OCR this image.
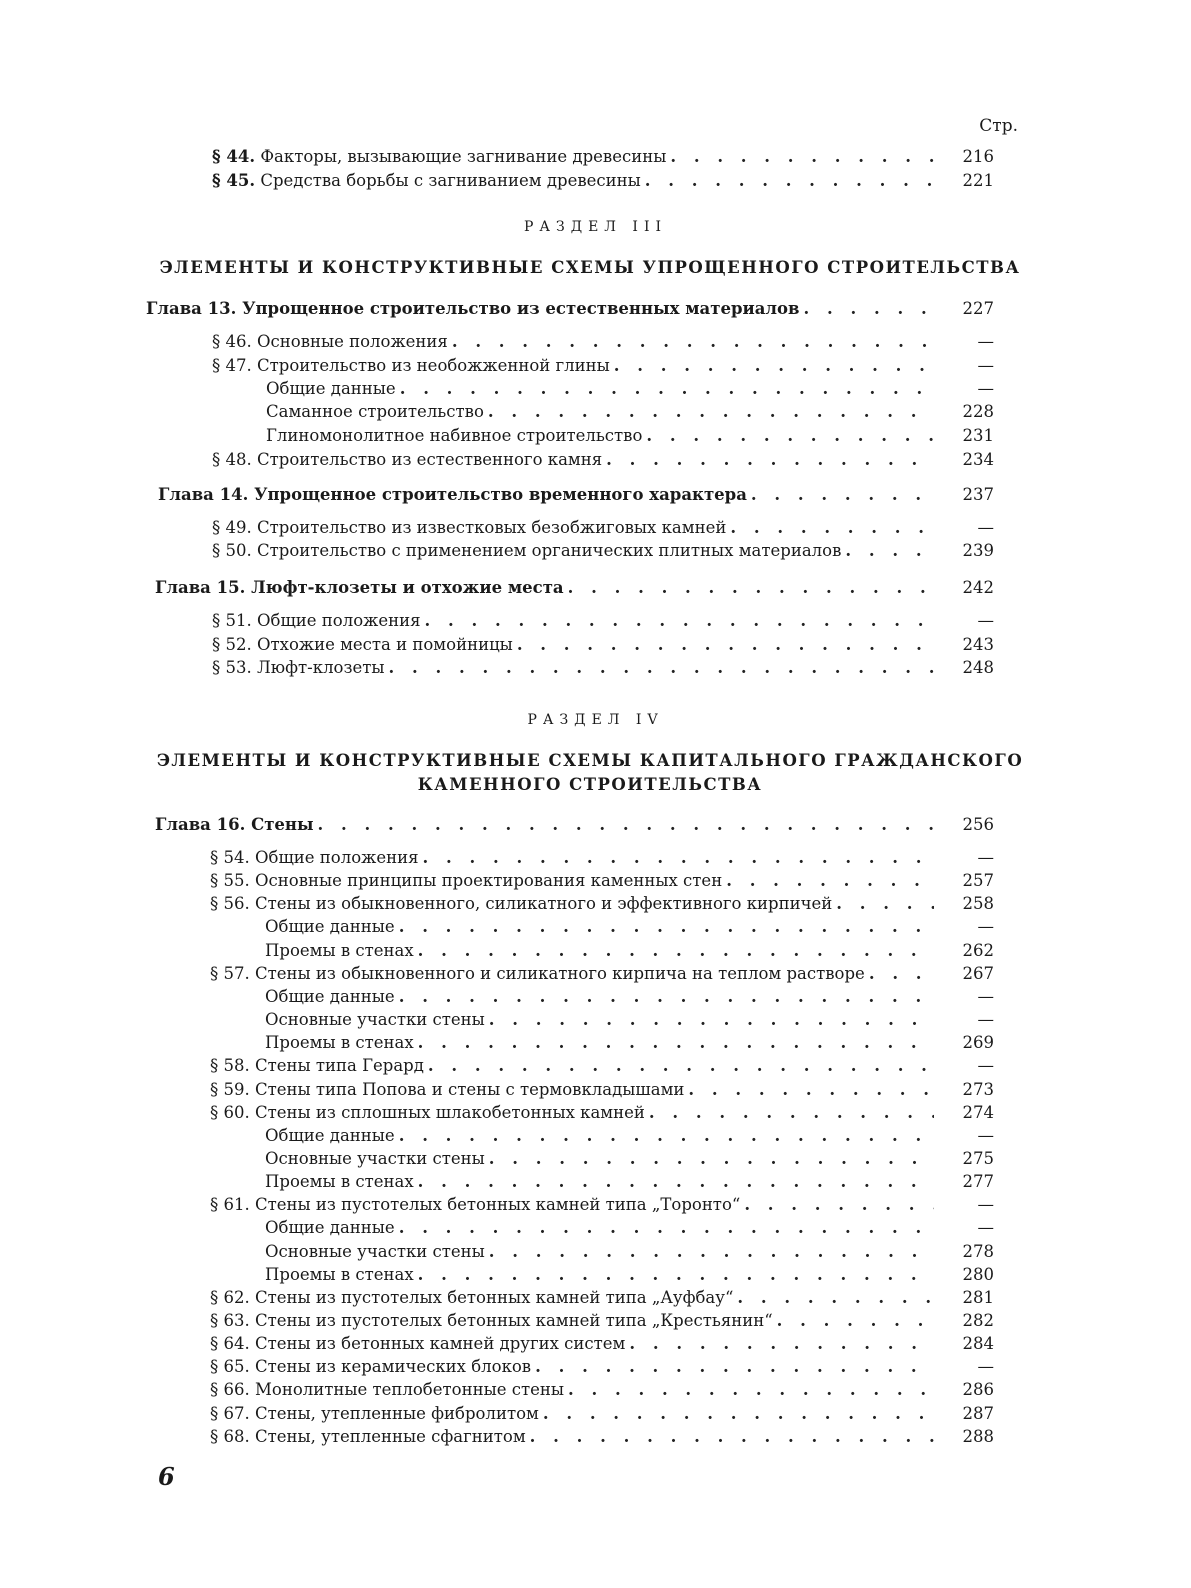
Стр.
§ 44. Факторы, вызывающие загнивание древесины . . .	216
§ 45. Средства борьбы с загниванием древесины . . .	221
РАЗДЕЛ III
ЭЛЕМЕНТЫ И КОНСТРУКТИВНЫЕ СХЕМЫ УПРОЩЕННОГО СТРОИТЕЛЬСТВА
Глава 13. Упрощенное строительство из естественных материалов . . .	227
§ 46. Основные положения . . .	—
§ 47. Строительство из необожженной глины . . .	—
Общие данные . . .	—
Саманное строительство . . .	228
Глиномонолитное набивное строительство . . .	231
§ 48. Строительство из естественного камня . . .	234
Глава 14. Упрощенное строительство временного характера . . .	237
§ 49. Строительство из известковых безобжиговых камней . . .	—
§ 50. Строительство с применением органических плитных материалов . . .	239
Глава 15. Люфт-клозеты и отхожие места . . .	242
§ 51. Общие положения . . .	—
§ 52. Отхожие места и помойницы . . .	243
§ 53. Люфт-клозеты . . .	248
РАЗДЕЛ IV
ЭЛЕМЕНТЫ И КОНСТРУКТИВНЫЕ СХЕМЫ КАПИТАЛЬНОГО ГРАЖДАНСКОГО
КАМЕННОГО СТРОИТЕЛЬСТВА
Глава 16. Стены . . .	256
§ 54. Общие положения . . .	—
§ 55. Основные принципы проектирования каменных стен . . .	257
§ 56. Стены из обыкновенного, силикатного и эффективного кирпичей . . .	258
Общие данные . . .	—
Проемы в стенах . . .	262
§ 57. Стены из обыкновенного и силикатного кирпича на теплом растворе . . .	267
Общие данные . . .	—
Основные участки стены . . .	—
Проемы в стенах . . .	269
§ 58. Стены типа Герард . . .	—
§ 59. Стены типа Попова и стены с термовкладышами . . .	273
§ 60. Стены из сплошных шлакобетонных камней . . .	274
Общие данные . . .	—
Основные участки стены . . .	275
Проемы в стенах . . .	277
§ 61. Стены из пустотелых бетонных камней типа „Торонто“ . . .	—
Общие данные . . .	—
Основные участки стены . . .	278
Проемы в стенах . . .	280
§ 62. Стены из пустотелых бетонных камней типа „Ауфбау“ . . .	281
§ 63. Стены из пустотелых бетонных камней типа „Крестьянин“ . . .	282
§ 64. Стены из бетонных камней других систем . . .	284
§ 65. Стены из керамических блоков . . .	—
§ 66. Монолитные теплобетонные стены . . .	286
§ 67. Стены, утепленные фибролитом . . .	287
§ 68. Стены, утепленные сфагнитом . . .	288
6
